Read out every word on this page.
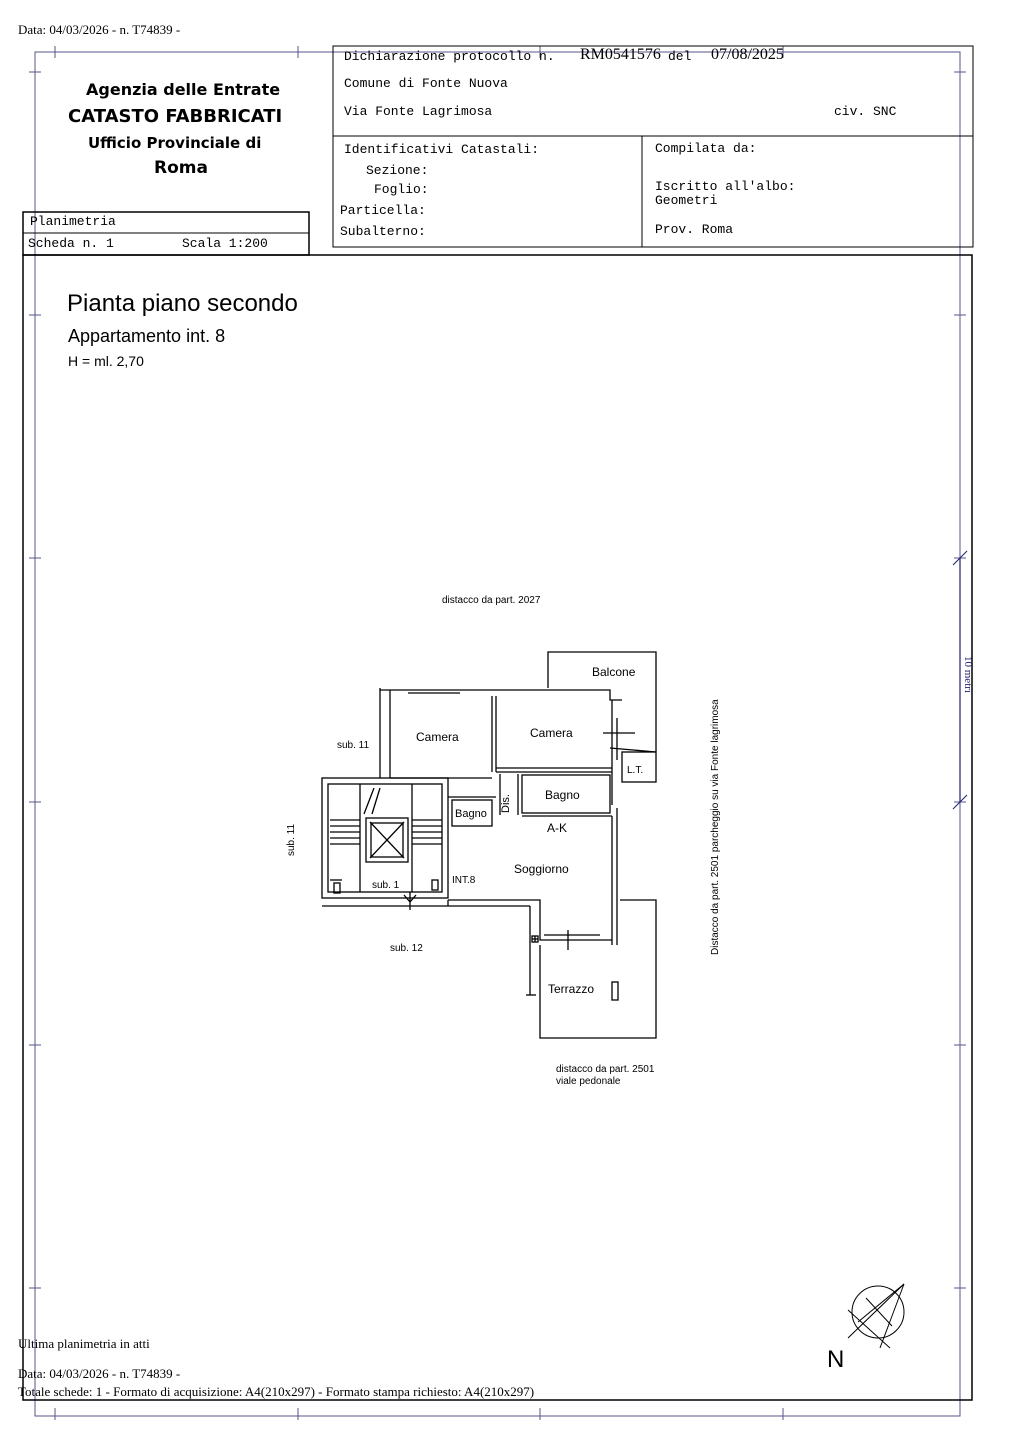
Data: 04/03/2026 - n. T74839 -
Agenzia delle Entrate
CATASTO FABBRICATI
Ufficio Provinciale di
Roma
Planimetria
Scheda n. 1	Scala 1:200
Dichiarazione protocollo n. RM0541576 del 07/08/2025
Comune di Fonte Nuova
Via Fonte Lagrimosa	civ. SNC
Identificativi Catastali:
Sezione:
Foglio:
Particella:
Subalterno:
Compilata da:
Iscritto all'albo:
Geometri
Prov. Roma
Pianta piano secondo
Appartamento int. 8
H = ml. 2,70
Balcone
Camera	Camera
L.T.
Bagno
Bagno
Dis.
A-K
Soggiorno
Terrazzo
INT.8
sub. 1
sub. 11
sub. 11
sub. 12
distacco da part. 2027
Distacco da part. 2501 parcheggio su via Fonte lagrimosa
distacco da part. 2501
viale pedonale
10 metri
N
Ultima planimetria in atti
Data: 04/03/2026 - n. T74839 -
Totale schede: 1 - Formato di acquisizione: A4(210x297) - Formato stampa richiesto: A4(210x297)
